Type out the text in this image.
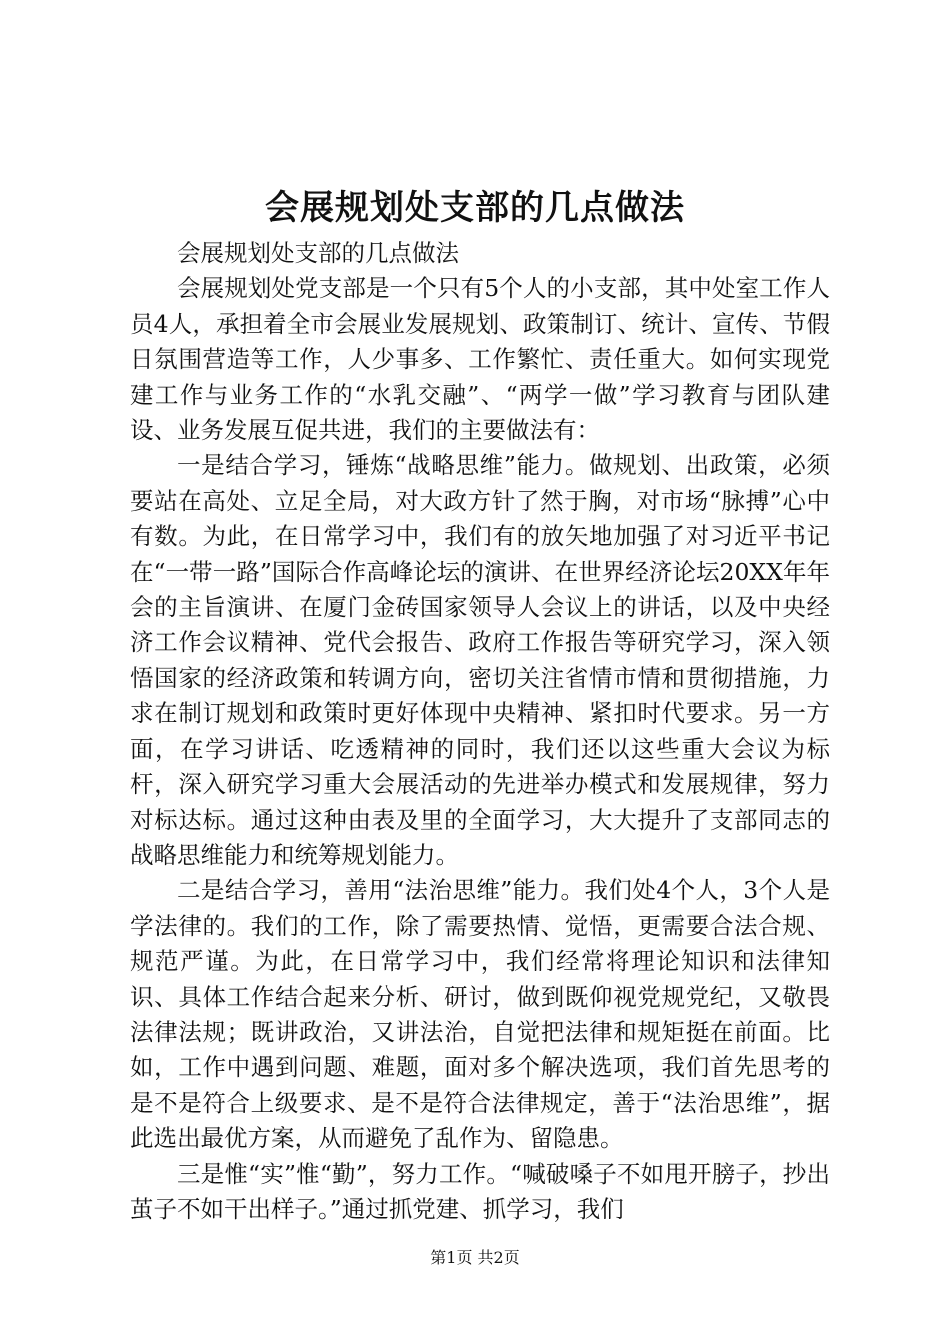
会展规划处支部的几点做法

会展规划处支部的几点做法

会展规划处党支部是一个只有5个人的小支部，其中处室工作人员4人，承担着全市会展业发展规划、政策制订、统计、宣传、节假日氛围营造等工作，人少事多、工作繁忙、责任重大。如何实现党建工作与业务工作的“水乳交融”、“两学一做”学习教育与团队建设、业务发展互促共进，我们的主要做法有：

一是结合学习，锤炼“战略思维”能力。做规划、出政策，必须要站在高处、立足全局，对大政方针了然于胸，对市场“脉搏”心中有数。为此，在日常学习中，我们有的放矢地加强了对习近平书记在“一带一路”国际合作高峰论坛的演讲、在世界经济论坛20XX年年会的主旨演讲、在厦门金砖国家领导人会议上的讲话，以及中央经济工作会议精神、党代会报告、政府工作报告等研究学习，深入领悟国家的经济政策和转调方向，密切关注省情市情和贯彻措施，力求在制订规划和政策时更好体现中央精神、紧扣时代要求。另一方面，在学习讲话、吃透精神的同时，我们还以这些重大会议为标杆，深入研究学习重大会展活动的先进举办模式和发展规律，努力对标达标。通过这种由表及里的全面学习，大大提升了支部同志的战略思维能力和统筹规划能力。

二是结合学习，善用“法治思维”能力。我们处4个人，3个人是学法律的。我们的工作，除了需要热情、觉悟，更需要合法合规、规范严谨。为此，在日常学习中，我们经常将理论知识和法律知识、具体工作结合起来分析、研讨，做到既仰视党规党纪，又敬畏法律法规；既讲政治，又讲法治，自觉把法律和规矩挺在前面。比如，工作中遇到问题、难题，面对多个解决选项，我们首先思考的是不是符合上级要求、是不是符合法律规定，善于“法治思维”，据此选出最优方案，从而避免了乱作为、留隐患。

三是惟“实”惟“勤”，努力工作。“喊破嗓子不如甩开膀子，抄出茧子不如干出样子。”通过抓党建、抓学习，我们

第1页 共2页
